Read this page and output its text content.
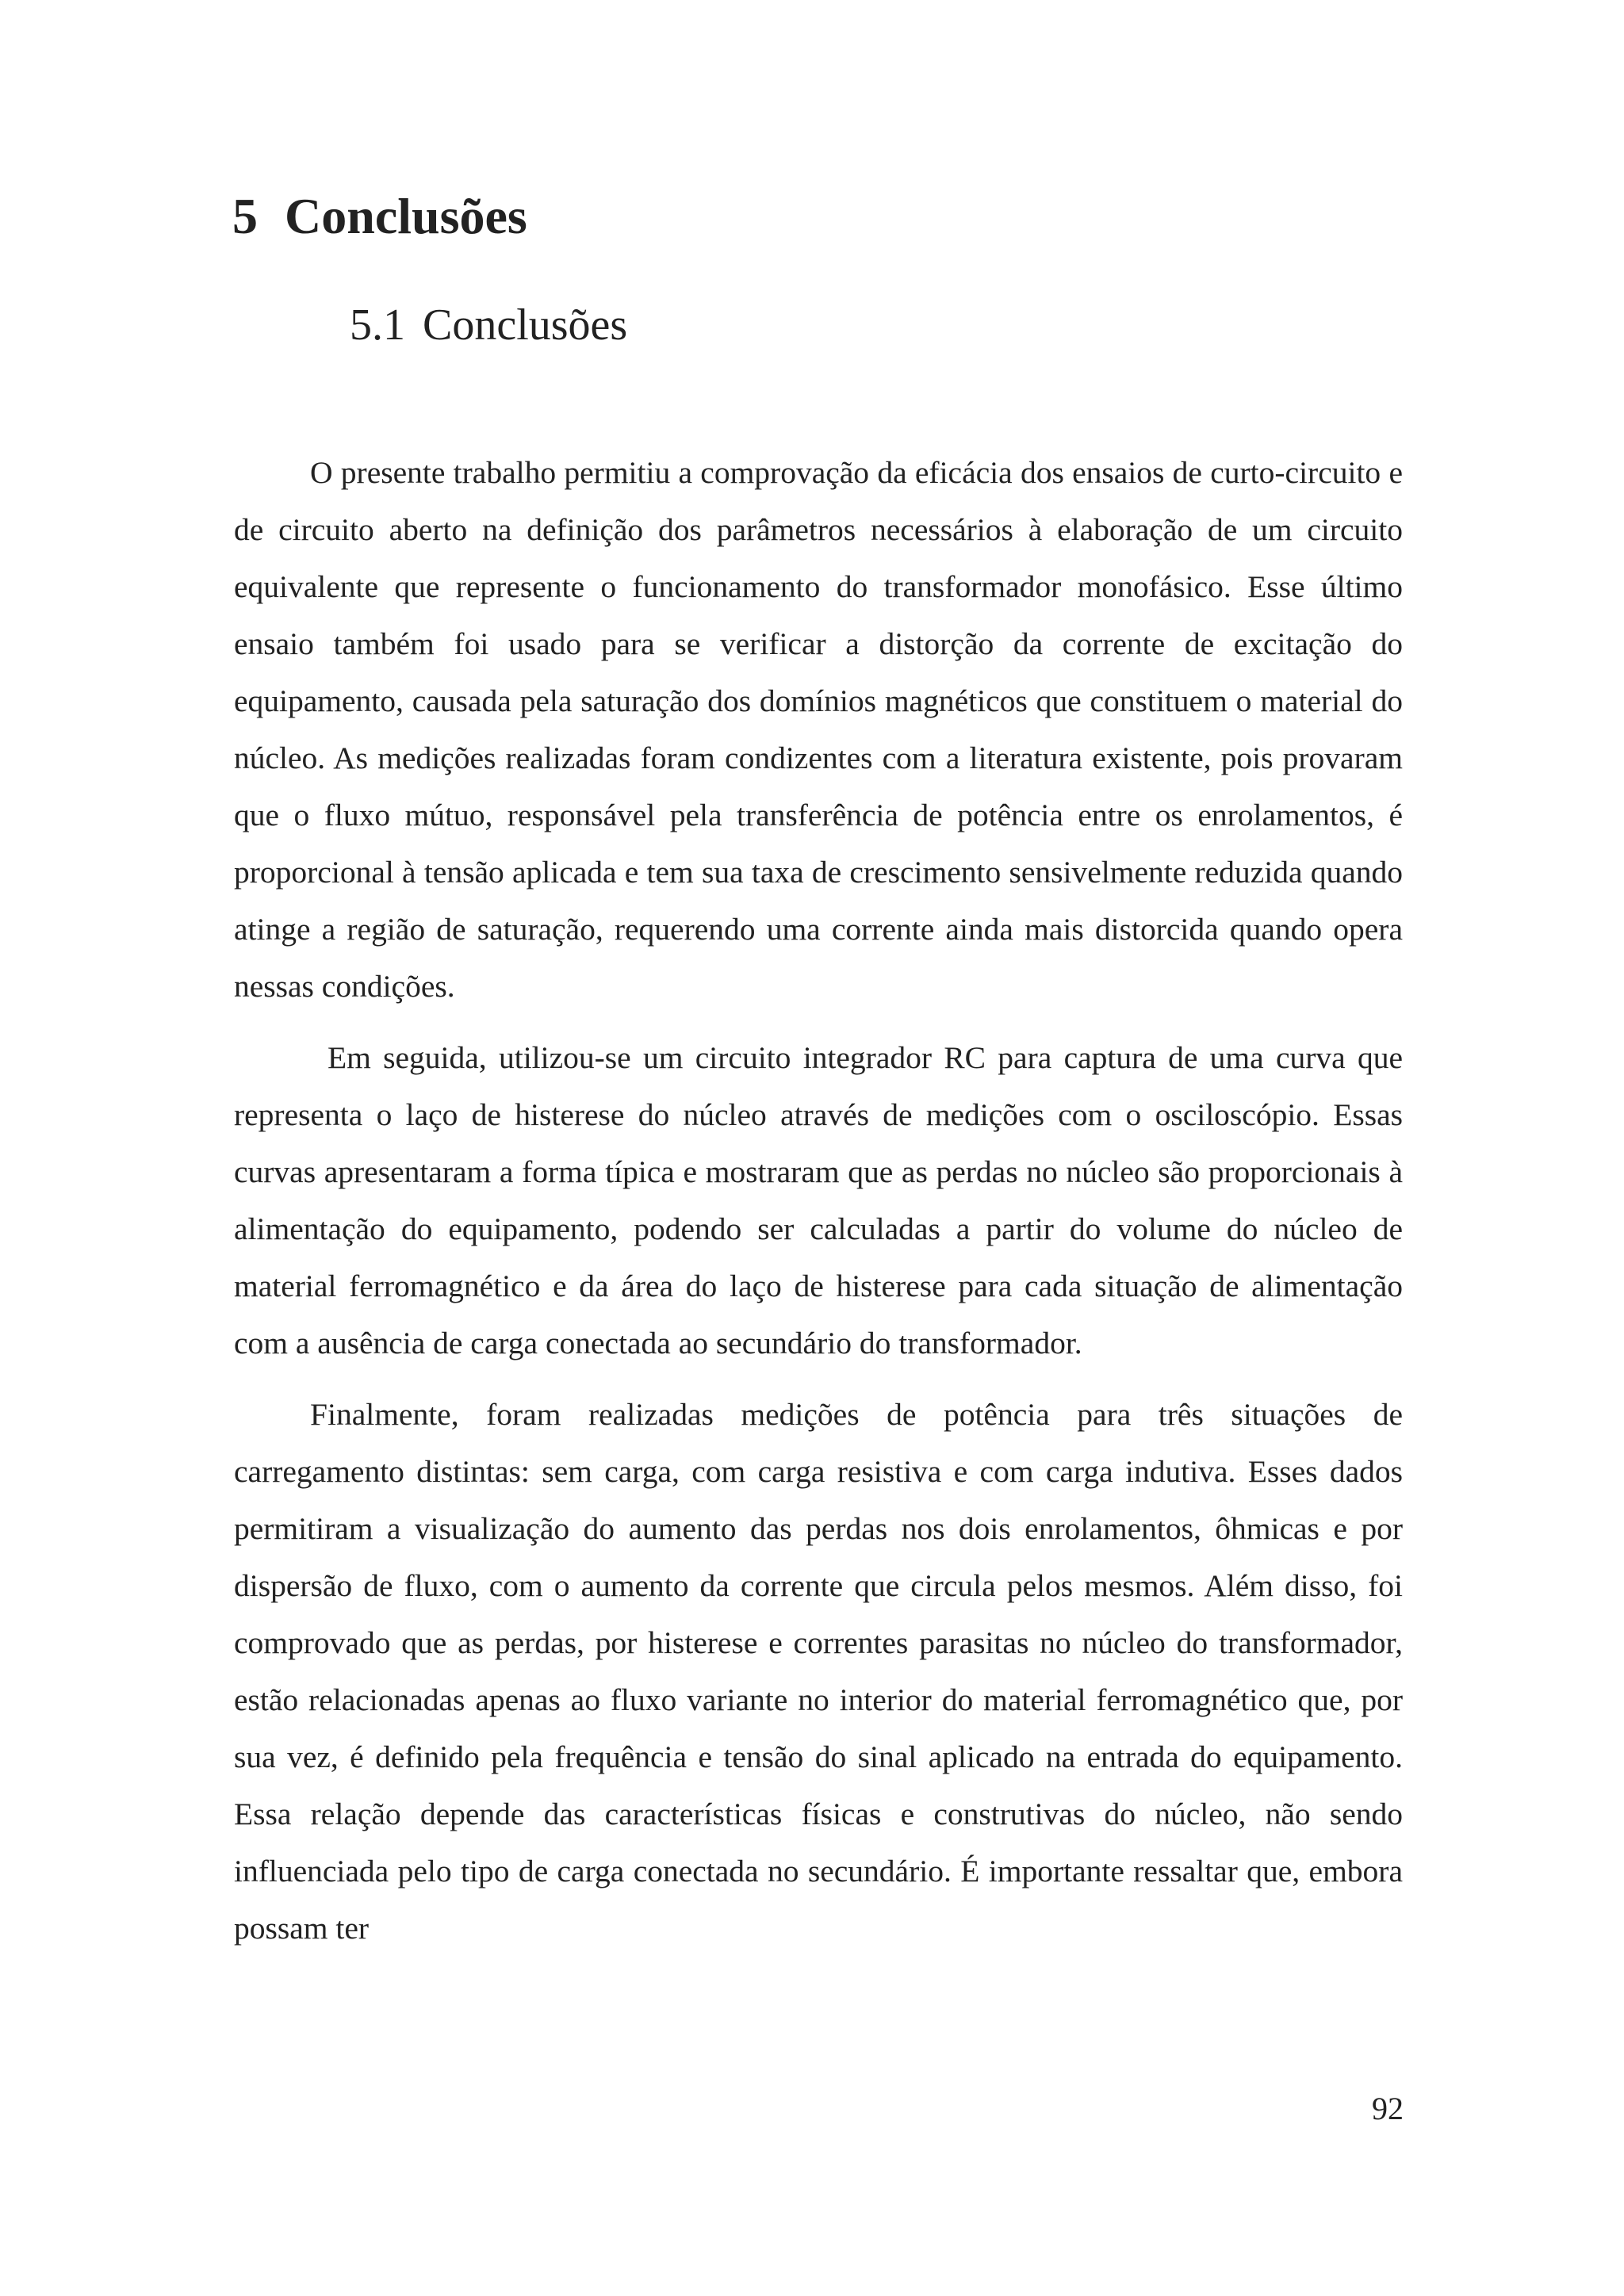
5 Conclusões
5.1 Conclusões

O presente trabalho permitiu a comprovação da eficácia dos ensaios de curto-circuito e de circuito aberto na definição dos parâmetros necessários à elaboração de um circuito equivalente que represente o funcionamento do transformador monofásico. Esse último ensaio também foi usado para se verificar a distorção da corrente de excitação do equipamento, causada pela saturação dos domínios magnéticos que constituem o material do núcleo. As medições realizadas foram condizentes com a literatura existente, pois provaram que o fluxo mútuo, responsável pela transferência de potência entre os enrolamentos, é proporcional à tensão aplicada e tem sua taxa de crescimento sensivelmente reduzida quando atinge a região de saturação, requerendo uma corrente ainda mais distorcida quando opera nessas condições.

Em seguida, utilizou-se um circuito integrador RC para captura de uma curva que representa o laço de histerese do núcleo através de medições com o osciloscópio. Essas curvas apresentaram a forma típica e mostraram que as perdas no núcleo são proporcionais à alimentação do equipamento, podendo ser calculadas a partir do volume do núcleo de material ferromagnético e da área do laço de histerese para cada situação de alimentação com a ausência de carga conectada ao secundário do transformador.

Finalmente, foram realizadas medições de potência para três situações de carregamento distintas: sem carga, com carga resistiva e com carga indutiva. Esses dados permitiram a visualização do aumento das perdas nos dois enrolamentos, ôhmicas e por dispersão de fluxo, com o aumento da corrente que circula pelos mesmos. Além disso, foi comprovado que as perdas, por histerese e correntes parasitas no núcleo do transformador, estão relacionadas apenas ao fluxo variante no interior do material ferromagnético que, por sua vez, é definido pela frequência e tensão do sinal aplicado na entrada do equipamento. Essa relação depende das características físicas e construtivas do núcleo, não sendo influenciada pelo tipo de carga conectada no secundário. É importante ressaltar que, embora possam ter

92
